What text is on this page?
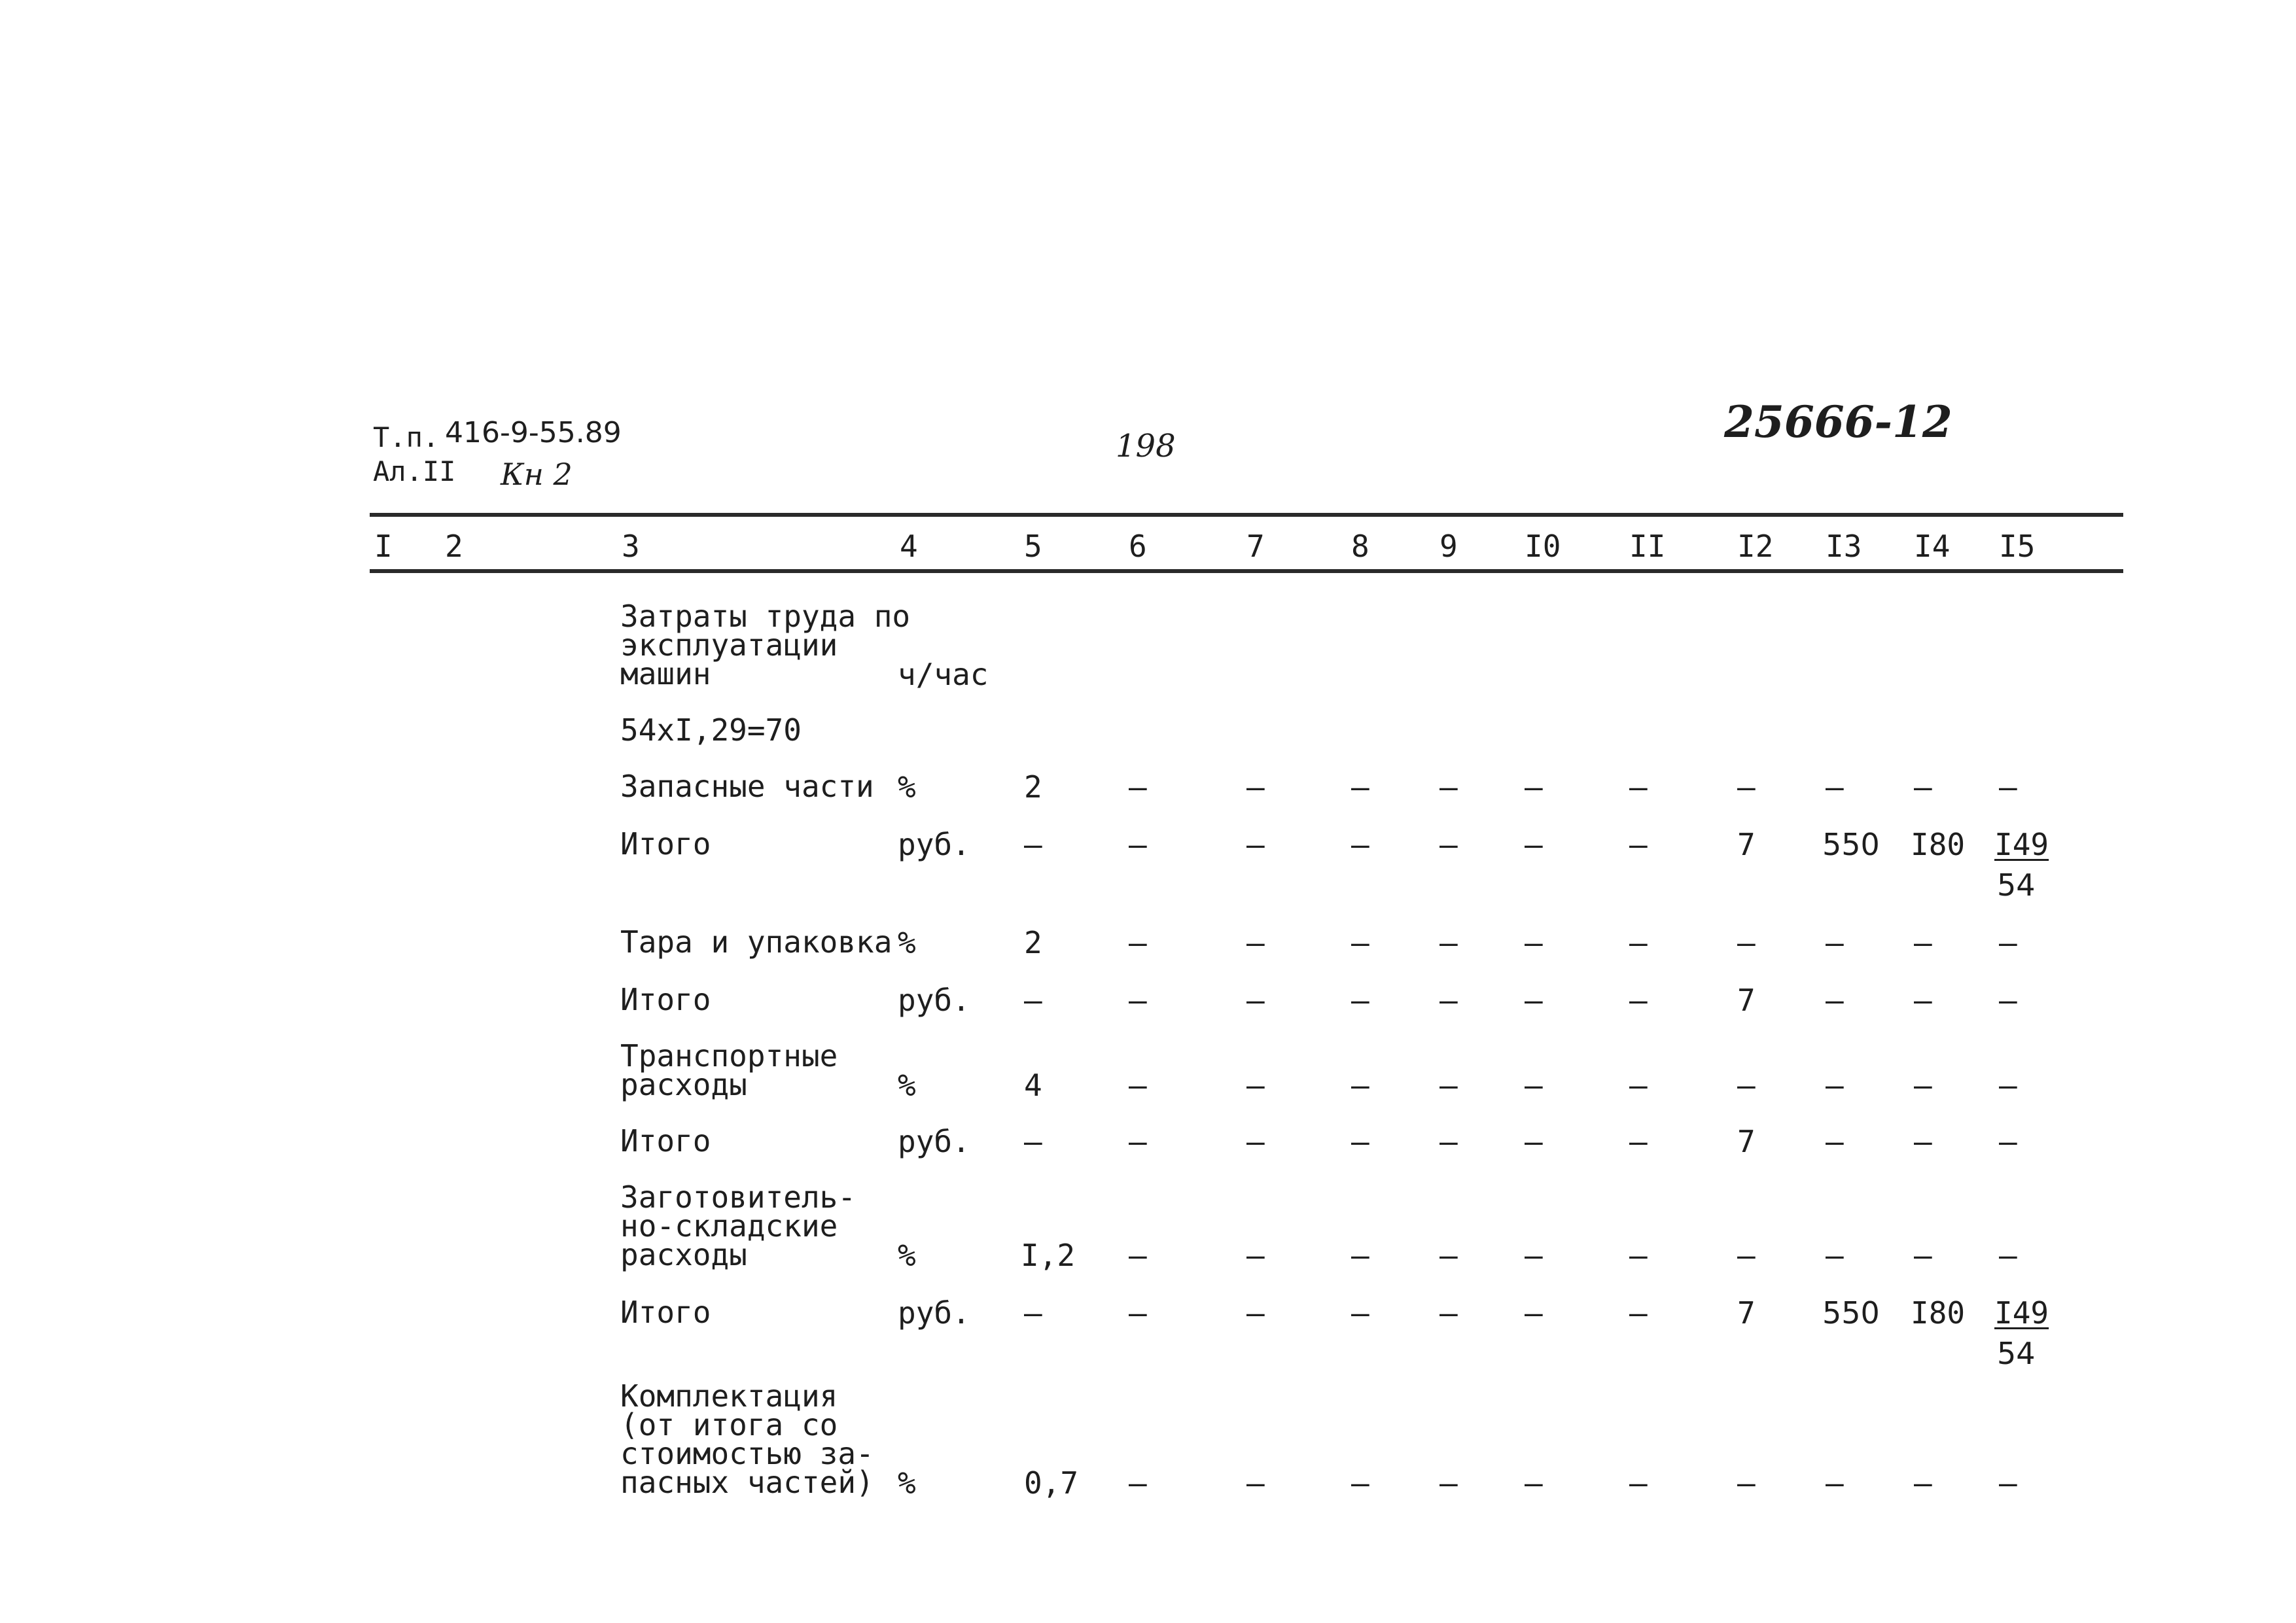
Т.п. 416-9-55.89
Ал.II Кн 2
198	25666-12
I 2	3	4	5	6	7	8 9 I0 II I2 I3 I4 I5
Затраты труда по
эксплуатации
машин	ч/час
54xI,29=70
Запасные части %	2	–	–	– – –	–	– – – –
Итого	руб. –	–	–	– – –	–	7 550 I80 I49
54
Тара и упаковка %	2	–	–	– – –	–	– – – –
Итого	руб. –	–	–	– – –	–	7 – – –
Транспортные
расходы	%	4	–	–	– – –	–	– – – –
Итого	руб. –	–	–	– – –	–	7 – – –
Заготовитель-
но-складские
расходы	%	I,2 –	–	– – –	–	– – – –
Итого	руб. –	–	–	– – –	–	7 550 I80 I49
54
Комплектация
(от итога со
стоимостью за-
пасных частей) %	0,7 –	–	– – –	–	– – – –
